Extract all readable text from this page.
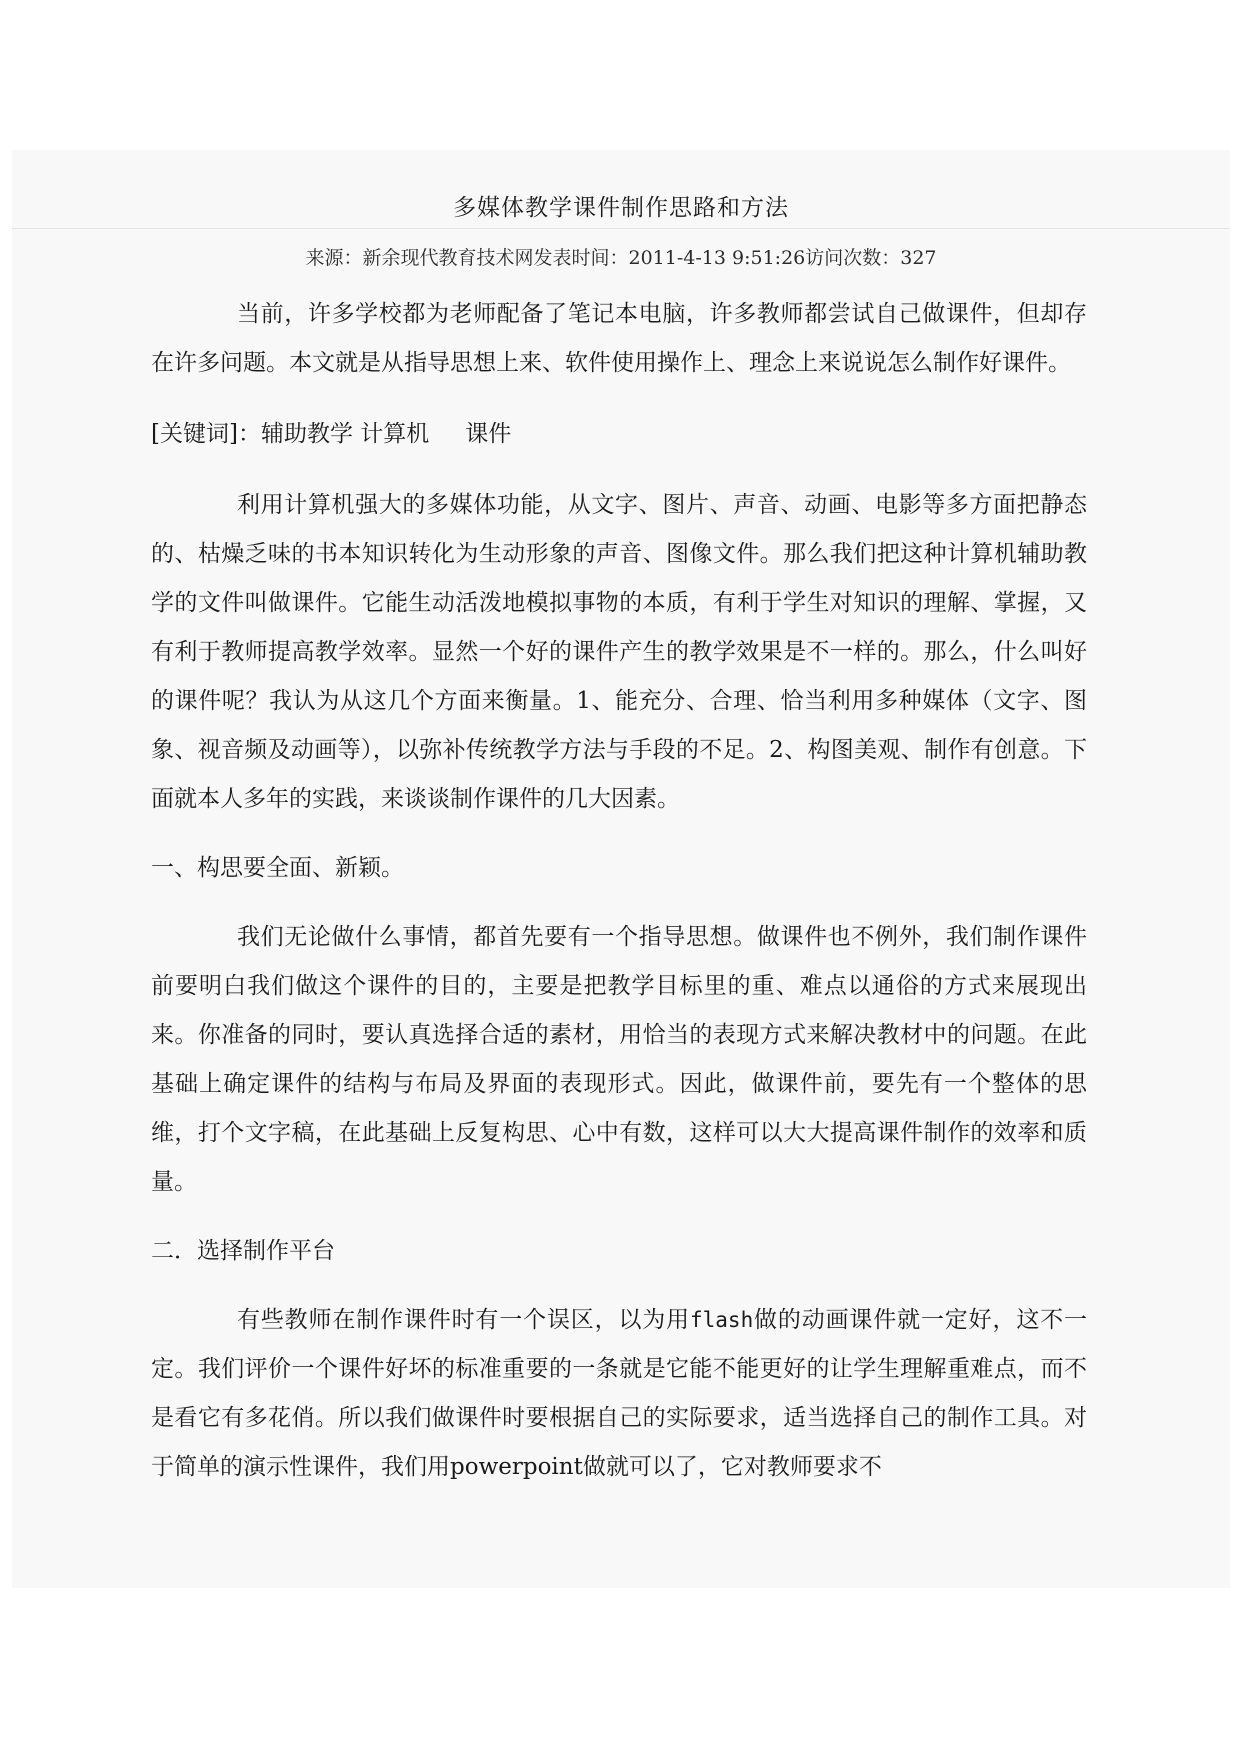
多媒体教学课件制作思路和方法
来源：新余现代教育技术网发表时间：2011-4-13 9:51:26访问次数：327

当前，许多学校都为老师配备了笔记本电脑，许多教师都尝试自己做课件，但却存在许多问题。本文就是从指导思想上来、软件使用操作上、理念上来说说怎么制作好课件。

[关键词]：辅助教学 计算机 课件

利用计算机强大的多媒体功能，从文字、图片、声音、动画、电影等多方面把静态的、枯燥乏味的书本知识转化为生动形象的声音、图像文件。那么我们把这种计算机辅助教学的文件叫做课件。它能生动活泼地模拟事物的本质，有利于学生对知识的理解、掌握，又有利于教师提高教学效率。显然一个好的课件产生的教学效果是不一样的。那么，什么叫好的课件呢？我认为从这几个方面来衡量。1、能充分、合理、恰当利用多种媒体（文字、图象、视音频及动画等），以弥补传统教学方法与手段的不足。2、构图美观、制作有创意。下面就本人多年的实践，来谈谈制作课件的几大因素。

一、构思要全面、新颖。

我们无论做什么事情，都首先要有一个指导思想。做课件也不例外，我们制作课件前要明白我们做这个课件的目的，主要是把教学目标里的重、难点以通俗的方式来展现出来。你准备的同时，要认真选择合适的素材，用恰当的表现方式来解决教材中的问题。在此基础上确定课件的结构与布局及界面的表现形式。因此，做课件前，要先有一个整体的思维，打个文字稿，在此基础上反复构思、心中有数，这样可以大大提高课件制作的效率和质量。

二．选择制作平台

有些教师在制作课件时有一个误区，以为用flash做的动画课件就一定好，这不一定。我们评价一个课件好坏的标准重要的一条就是它能不能更好的让学生理解重难点，而不是看它有多花俏。所以我们做课件时要根据自己的实际要求，适当选择自己的制作工具。对于简单的演示性课件，我们用powerpoint做就可以了，它对教师要求不
